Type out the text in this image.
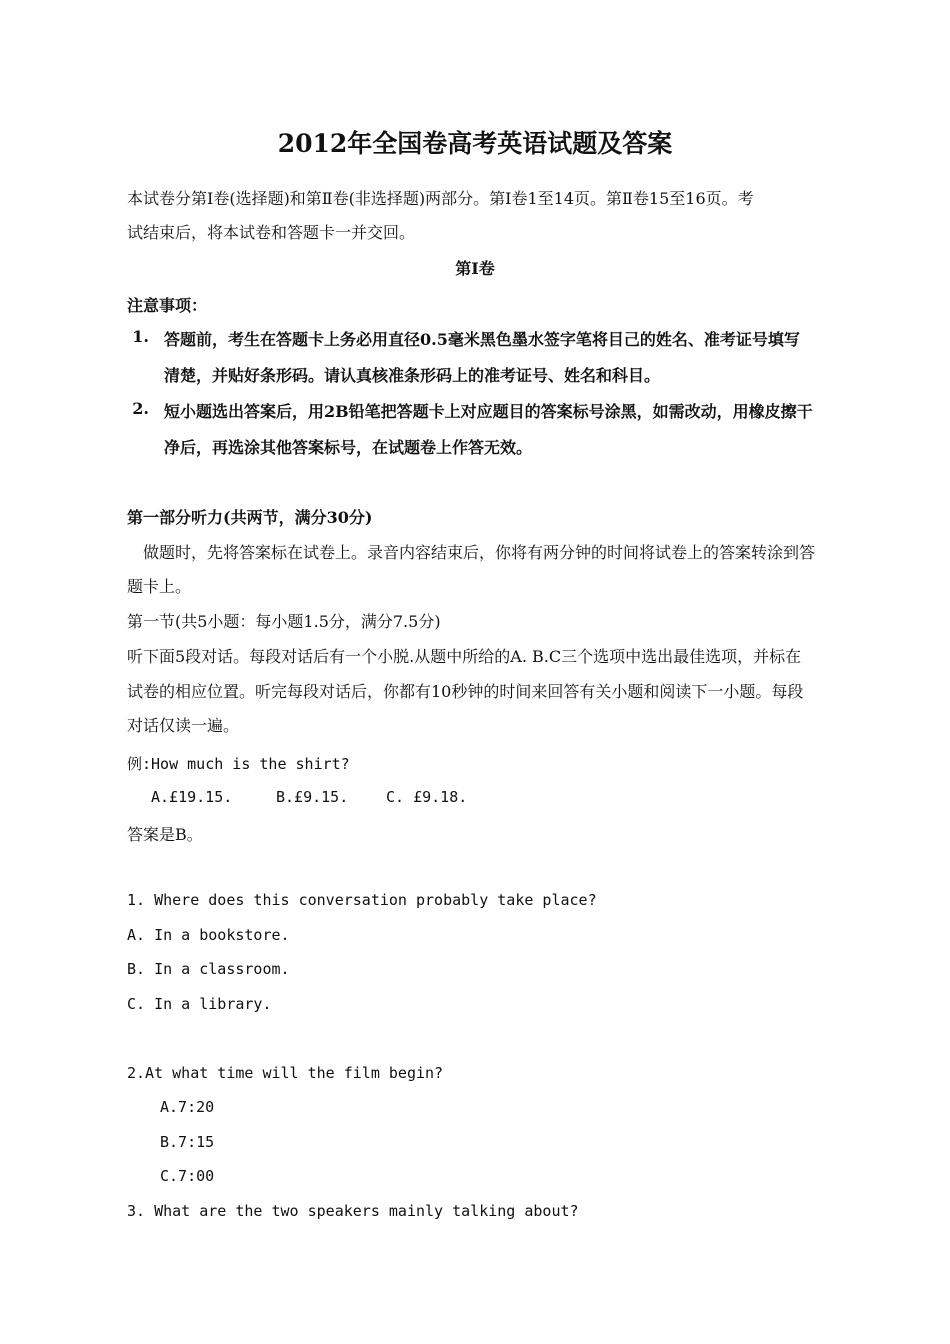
2012年全国卷高考英语试题及答案
本试卷分第Ⅰ卷(选择题)和第Ⅱ卷(非选择题)两部分。第Ⅰ卷1至14页。第Ⅱ卷15至16页。考
试结束后，将本试卷和答题卡一并交回。
第Ⅰ卷
注意事项：
1. 答题前，考生在答题卡上务必用直径0.5毫米黑色墨水签字笔将目己的姓名、准考证号填写
清楚，并贴好条形码。请认真核准条形码上的准考证号、姓名和科目。
2. 短小题选出答案后，用2B铅笔把答题卡上对应题目的答案标号涂黑，如需改动，用橡皮擦干
净后，再选涂其他答案标号，在试题卷上作答无效。
第一部分听力(共两节，满分30分)
做题时，先将答案标在试卷上。录音内容结束后，你将有两分钟的时间将试卷上的答案转涂到答
题卡上。
第一节(共5小题：每小题1.5分，满分7.5分)
听下面5段对话。每段对话后有一个小脱.从题中所给的A. B.C三个选项中选出最佳选项，并标在
试卷的相应位置。听完每段对话后，你都有10秒钟的时间来回答有关小题和阅读下一小题。每段
对话仅读一遍。
例:How much is the shirt?
A.£19.15.	B.£9.15.	C. £9.18.
答案是B。
1. Where does this conversation probably take place?
A. In a bookstore.
B. In a classroom.
C. In a library.
2.At what time will the film begin?
A.7:20
B.7:15
C.7:00
3. What are the two speakers mainly talking about?
